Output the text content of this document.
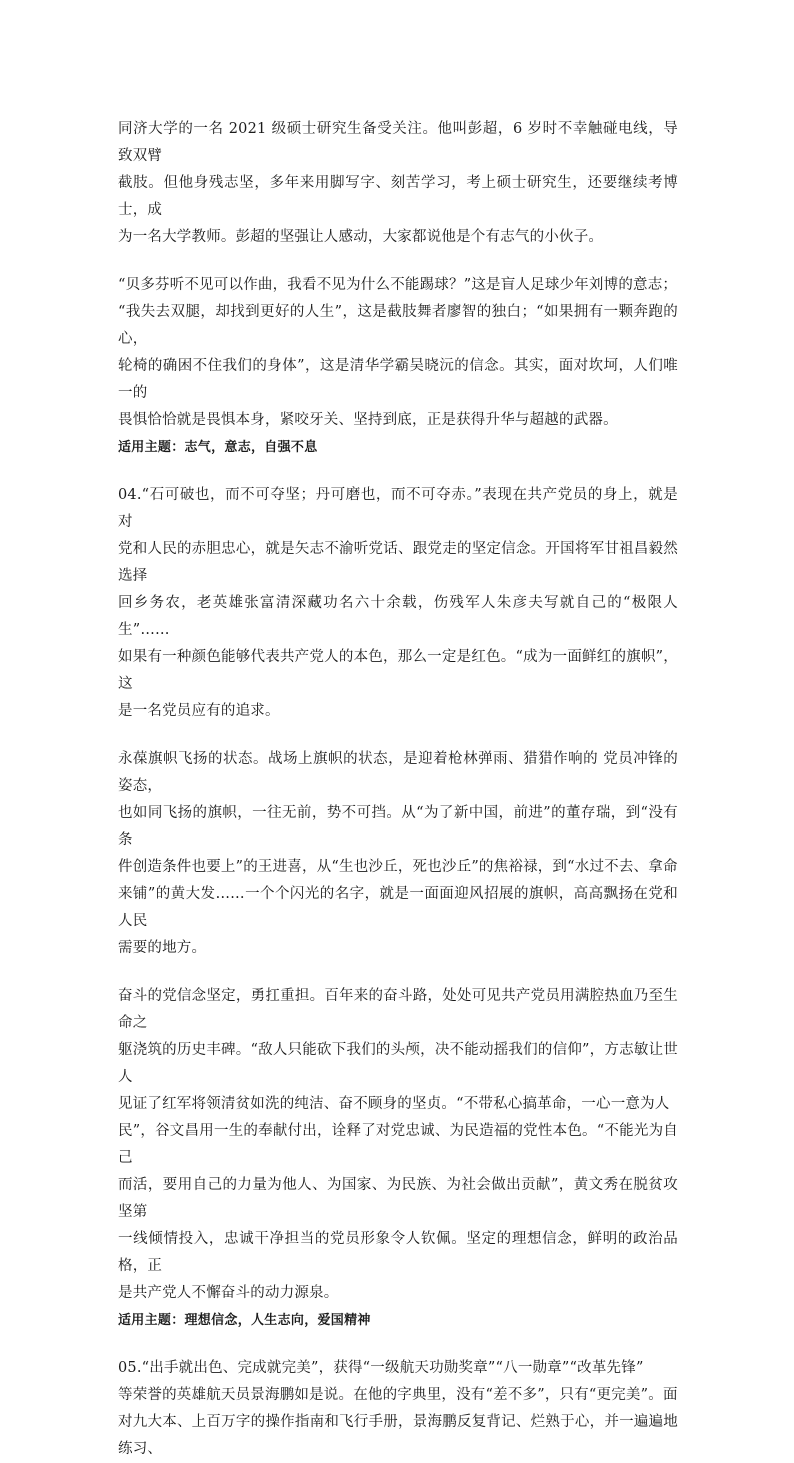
同济大学的一名 2021 级硕士研究生备受关注。他叫彭超，6 岁时不幸触碰电线，导致双臂

截肢。但他身残志坚，多年来用脚写字、刻苦学习，考上硕士研究生，还要继续考博士，成

为一名大学教师。彭超的坚强让人感动，大家都说他是个有志气的小伙子。

“贝多芬听不见可以作曲，我看不见为什么不能踢球？”这是盲人足球少年刘博的意志；

“我失去双腿，却找到更好的人生”，这是截肢舞者廖智的独白；“如果拥有一颗奔跑的心，

轮椅的确困不住我们的身体”，这是清华学霸吴晓沅的信念。其实，面对坎坷，人们唯一的

畏惧恰恰就是畏惧本身，紧咬牙关、坚持到底，正是获得升华与超越的武器。

适用主题：志气，意志，自强不息

04.“石可破也，而不可夺坚；丹可磨也，而不可夺赤。”表现在共产党员的身上，就是对

党和人民的赤胆忠心，就是矢志不渝听党话、跟党走的坚定信念。开国将军甘祖昌毅然选择

回乡务农，老英雄张富清深藏功名六十余载，伤残军人朱彦夫写就自己的“极限人生”……

如果有一种颜色能够代表共产党人的本色，那么一定是红色。“成为一面鲜红的旗帜”，这

是一名党员应有的追求。

永葆旗帜飞扬的状态。战场上旗帜的状态，是迎着枪林弹雨、猎猎作响的 党员冲锋的姿态，

也如同飞扬的旗帜，一往无前，势不可挡。从“为了新中国，前进”的董存瑞，到“没有条

件创造条件也要上”的王进喜，从“生也沙丘，死也沙丘”的焦裕禄，到“水过不去、拿命

来铺”的黄大发……一个个闪光的名字，就是一面面迎风招展的旗帜，高高飘扬在党和人民

需要的地方。

奋斗的党信念坚定，勇扛重担。百年来的奋斗路，处处可见共产党员用满腔热血乃至生命之

躯浇筑的历史丰碑。“敌人只能砍下我们的头颅，决不能动摇我们的信仰”，方志敏让世人

见证了红军将领清贫如洗的纯洁、奋不顾身的坚贞。“不带私心搞革命，一心一意为人

民”，谷文昌用一生的奉献付出，诠释了对党忠诚、为民造福的党性本色。“不能光为自己

而活，要用自己的力量为他人、为国家、为民族、为社会做出贡献”，黄文秀在脱贫攻坚第

一线倾情投入，忠诚干净担当的党员形象令人钦佩。坚定的理想信念，鲜明的政治品格，正

是共产党人不懈奋斗的动力源泉。

适用主题：理想信念，人生志向，爱国精神

05.“出手就出色、完成就完美”，获得“一级航天功勋奖章”“八一勋章”“改革先锋”

等荣誉的英雄航天员景海鹏如是说。在他的字典里，没有“差不多”，只有“更完美”。面

对九大本、上百万字的操作指南和飞行手册，景海鹏反复背记、烂熟于心，并一遍遍地练习、
